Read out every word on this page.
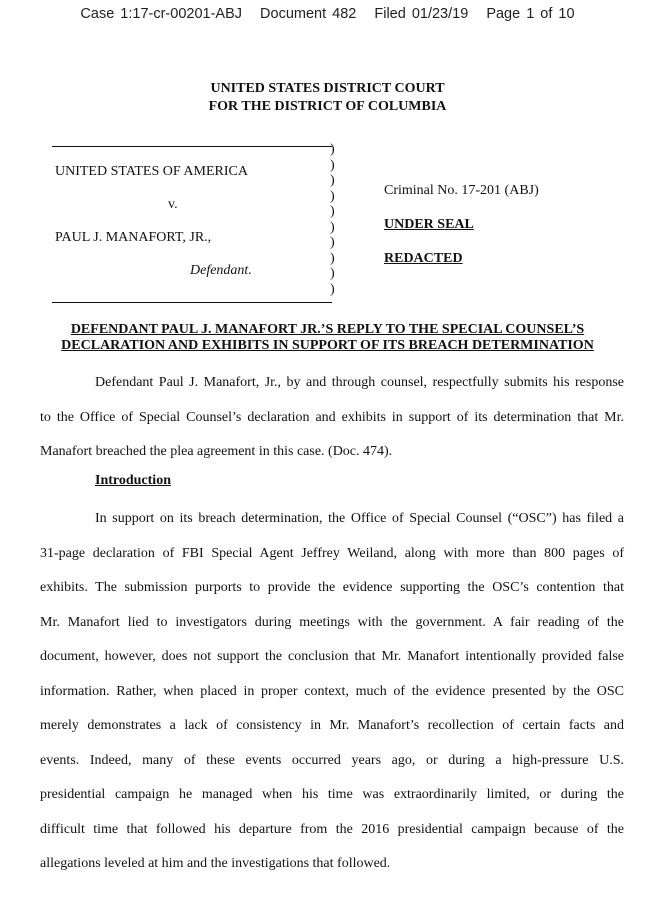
Case 1:17-cr-00201-ABJ Document 482 Filed 01/23/19 Page 1 of 10
UNITED STATES DISTRICT COURT
FOR THE DISTRICT OF COLUMBIA
)
)
)
)
)
)
)
)
)
)
UNITED STATES OF AMERICA
v.
PAUL J. MANAFORT, JR.,
Defendant.
Criminal No. 17-201 (ABJ)
UNDER SEAL
REDACTED
DEFENDANT PAUL J. MANAFORT JR.’S REPLY TO THE SPECIAL COUNSEL’S
DECLARATION AND EXHIBITS IN SUPPORT OF ITS BREACH DETERMINATION
Defendant Paul J. Manafort, Jr., by and through counsel, respectfully submits his response
to the Office of Special Counsel’s declaration and exhibits in support of its determination that Mr.
Manafort breached the plea agreement in this case. (Doc. 474).
Introduction
In support on its breach determination, the Office of Special Counsel (“OSC”) has filed a
31-page declaration of FBI Special Agent Jeffrey Weiland, along with more than 800 pages of
exhibits. The submission purports to provide the evidence supporting the OSC’s contention that
Mr. Manafort lied to investigators during meetings with the government. A fair reading of the
document, however, does not support the conclusion that Mr. Manafort intentionally provided false
information. Rather, when placed in proper context, much of the evidence presented by the OSC
merely demonstrates a lack of consistency in Mr. Manafort’s recollection of certain facts and
events. Indeed, many of these events occurred years ago, or during a high-pressure U.S.
presidential campaign he managed when his time was extraordinarily limited, or during the
difficult time that followed his departure from the 2016 presidential campaign because of the
allegations leveled at him and the investigations that followed.
